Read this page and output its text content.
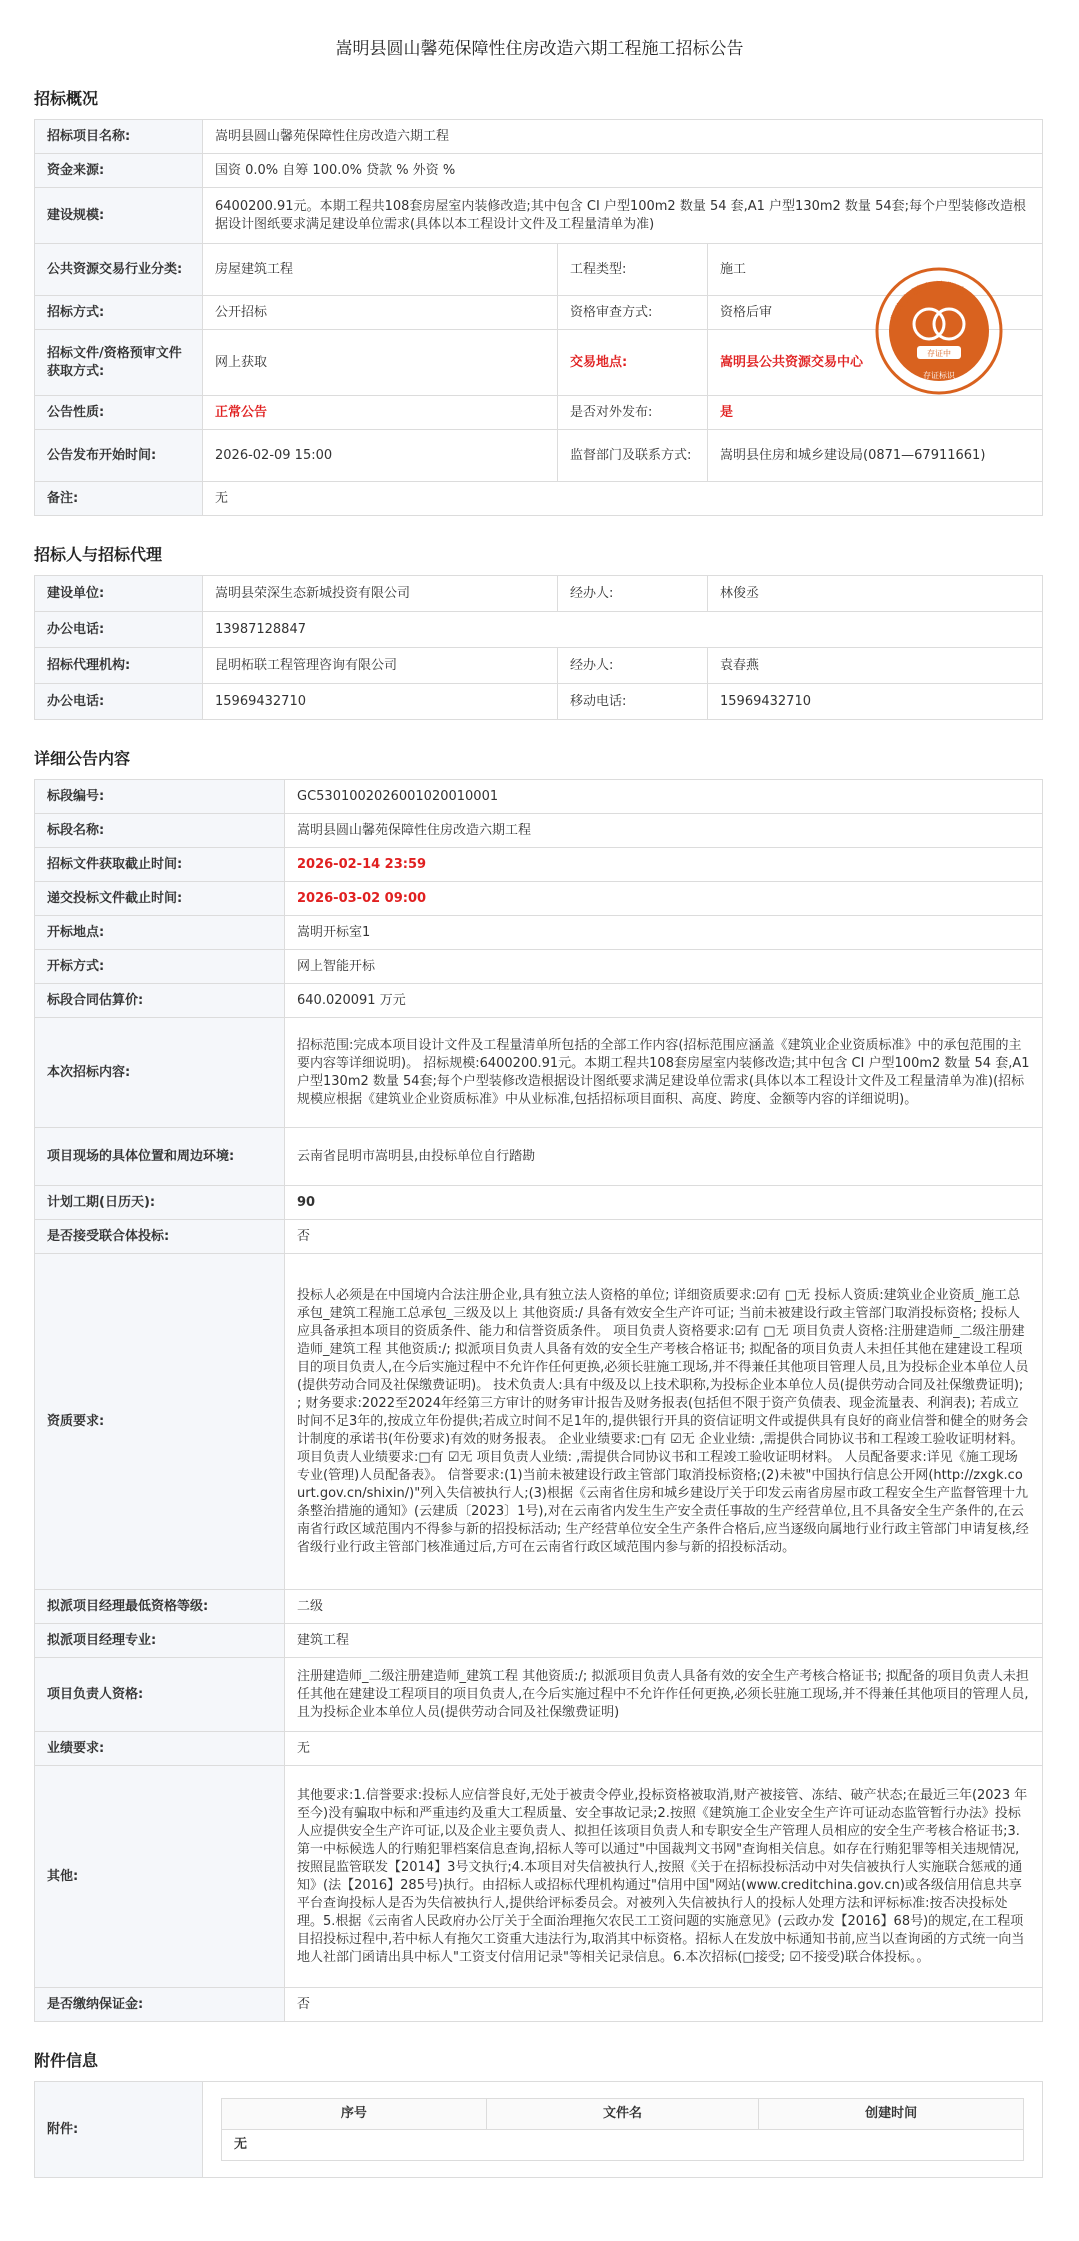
嵩明县圆山馨苑保障性住房改造六期工程施工招标公告
招标概况
招标项目名称:	嵩明县圆山馨苑保障性住房改造六期工程		
资金来源:	国资 0.0% 自筹 100.0% 贷款 % 外资 %		
建设规模:	6400200.91元。本期工程共108套房屋室内装修改造;其中包含 CI 户型100m2 数量 54 套,A1 户型130m2 数量 54套;每个户型装修改造根据设计图纸要求满足建设单位需求(具体以本工程设计文件及工程量清单为准)		
公共资源交易行业分类:	房屋建筑工程	工程类型:	施工
招标方式:	公开招标	资格审查方式:	资格后审
招标文件/资格预审文件获取方式:	网上获取	交易地点:	嵩明县公共资源交易中心
公告性质:	正常公告	是否对外发布:	是
公告发布开始时间:	2026-02-09 15:00	监督部门及联系方式:	嵩明县住房和城乡建设局(0871—67911661)
备注:	无		
公共资源交易服务
存证中
存证标识
招标人与招标代理
建设单位:	嵩明县荣深生态新城投资有限公司	经办人:	林俊丞
办公电话:	13987128847		
招标代理机构:	昆明柘联工程管理咨询有限公司	经办人:	袁春燕
办公电话:	15969432710	移动电话:	15969432710
详细公告内容
标段编号:	GC5301002026001020010001
标段名称:	嵩明县圆山馨苑保障性住房改造六期工程
招标文件获取截止时间:	2026-02-14 23:59
递交投标文件截止时间:	2026-03-02 09:00
开标地点:	嵩明开标室1
开标方式:	网上智能开标
标段合同估算价:	640.020091 万元
本次招标内容:	招标范围:完成本项目设计文件及工程量清单所包括的全部工作内容(招标范围应涵盖《建筑业企业资质标准》中的承包范围的主要内容等详细说明)。 招标规模:6400200.91元。本期工程共108套房屋室内装修改造;其中包含 CI 户型100m2 数量 54 套,A1 户型130m2 数量 54套;每个户型装修改造根据设计图纸要求满足建设单位需求(具体以本工程设计文件及工程量清单为准)(招标规模应根据《建筑业企业资质标准》中从业标准,包括招标项目面积、高度、跨度、金额等内容的详细说明)。
项目现场的具体位置和周边环境:	云南省昆明市嵩明县,由投标单位自行踏勘
计划工期(日历天):	90
是否接受联合体投标:	否
资质要求:	投标人必须是在中国境内合法注册企业,具有独立法人资格的单位; 详细资质要求:☑有 □无 投标人资质:建筑业企业资质_施工总承包_建筑工程施工总承包_三级及以上 其他资质:/ 具备有效安全生产许可证; 当前未被建设行政主管部门取消投标资格; 投标人应具备承担本项目的资质条件、能力和信誉资质条件。 项目负责人资格要求:☑有 □无 项目负责人资格:注册建造师_二级注册建造师_建筑工程 其他资质:/; 拟派项目负责人具备有效的安全生产考核合格证书; 拟配备的项目负责人未担任其他在建建设工程项目的项目负责人,在今后实施过程中不允许作任何更换,必须长驻施工现场,并不得兼任其他项目管理人员,且为投标企业本单位人员(提供劳动合同及社保缴费证明)。 技术负责人:具有中级及以上技术职称,为投标企业本单位人员(提供劳动合同及社保缴费证明); ; 财务要求:2022至2024年经第三方审计的财务审计报告及财务报表(包括但不限于资产负债表、现金流量表、利润表); 若成立时间不足3年的,按成立年份提供;若成立时间不足1年的,提供银行开具的资信证明文件或提供具有良好的商业信誉和健全的财务会计制度的承诺书(年份要求)有效的财务报表。 企业业绩要求:□有 ☑无 企业业绩: ,需提供合同协议书和工程竣工验收证明材料。 项目负责人业绩要求:□有 ☑无 项目负责人业绩: ,需提供合同协议书和工程竣工验收证明材料。 人员配备要求:详见《施工现场专业(管理)人员配备表》。 信誉要求:(1)当前未被建设行政主管部门取消投标资格;(2)未被"中国执行信息公开网(http://zxgk.court.gov.cn/shixin/)"列入失信被执行人;(3)根据《云南省住房和城乡建设厅关于印发云南省房屋市政工程安全生产监督管理十九条整治措施的通知》(云建质〔2023〕1号),对在云南省内发生生产安全责任事故的生产经营单位,且不具备安全生产条件的,在云南省行政区域范围内不得参与新的招投标活动; 生产经营单位安全生产条件合格后,应当逐级向属地行业行政主管部门申请复核,经省级行业行政主管部门核准通过后,方可在云南省行政区域范围内参与新的招投标活动。
拟派项目经理最低资格等级:	二级
拟派项目经理专业:	建筑工程
项目负责人资格:	注册建造师_二级注册建造师_建筑工程 其他资质:/; 拟派项目负责人具备有效的安全生产考核合格证书; 拟配备的项目负责人未担任其他在建建设工程项目的项目负责人,在今后实施过程中不允许作任何更换,必须长驻施工现场,并不得兼任其他项目的管理人员,且为投标企业本单位人员(提供劳动合同及社保缴费证明)
业绩要求:	无
其他:	其他要求:1.信誉要求:投标人应信誉良好,无处于被责令停业,投标资格被取消,财产被接管、冻结、破产状态;在最近三年(2023 年至今)没有骗取中标和严重违约及重大工程质量、安全事故记录;2.按照《建筑施工企业安全生产许可证动态监管暂行办法》投标人应提供安全生产许可证,以及企业主要负责人、拟担任该项目负责人和专职安全生产管理人员相应的安全生产考核合格证书;3.第一中标候选人的行贿犯罪档案信息查询,招标人等可以通过"中国裁判文书网"查询相关信息。如存在行贿犯罪等相关违规情况,按照昆监管联发【2014】3号文执行;4.本项目对失信被执行人,按照《关于在招标投标活动中对失信被执行人实施联合惩戒的通知》(法【2016】285号)执行。由招标人或招标代理机构通过"信用中国"网站(www.creditchina.gov.cn)或各级信用信息共享平台查询投标人是否为失信被执行人,提供给评标委员会。对被列入失信被执行人的投标人处理方法和评标标准:按否决投标处理。5.根据《云南省人民政府办公厅关于全面治理拖欠农民工工资问题的实施意见》(云政办发【2016】68号)的规定,在工程项目招投标过程中,若中标人有拖欠工资重大违法行为,取消其中标资格。招标人在发放中标通知书前,应当以查询函的方式统一向当地人社部门函请出具中标人"工资支付信用记录"等相关记录信息。6.本次招标(□接受; ☑不接受)联合体投标。。
是否缴纳保证金:	否
附件信息
附件:	
序号	文件名	创建时间
无
